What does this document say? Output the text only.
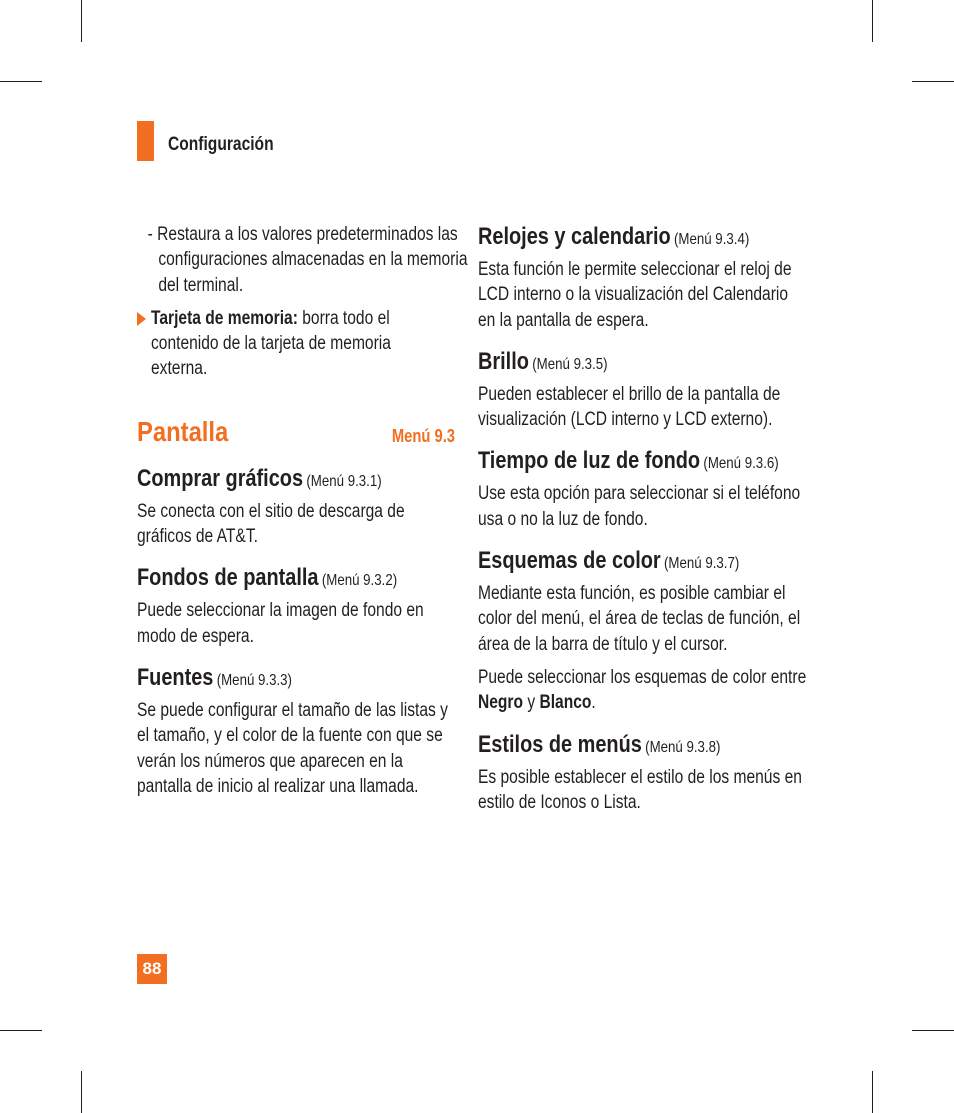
Configuración

- Restaura a los valores predeterminados las configuraciones almacenadas en la memoria del terminal.

Tarjeta de memoria: borra todo el contenido de la tarjeta de memoria externa.

Pantalla	Menú 9.3
Comprar gráficos (Menú 9.3.1)

Se conecta con el sitio de descarga de gráficos de AT&T.

Fondos de pantalla (Menú 9.3.2)

Puede seleccionar la imagen de fondo en modo de espera.

Fuentes (Menú 9.3.3)

Se puede configurar el tamaño de las listas y el tamaño, y el color de la fuente con que se verán los números que aparecen en la pantalla de inicio al realizar una llamada.

Relojes y calendario (Menú 9.3.4)

Esta función le permite seleccionar el reloj de LCD interno o la visualización del Calendario en la pantalla de espera.

Brillo (Menú 9.3.5)

Pueden establecer el brillo de la pantalla de visualización (LCD interno y LCD externo).

Tiempo de luz de fondo (Menú 9.3.6)

Use esta opción para seleccionar si el teléfono usa o no la luz de fondo.

Esquemas de color (Menú 9.3.7)

Mediante esta función, es posible cambiar el color del menú, el área de teclas de función, el área de la barra de título y el cursor.

Puede seleccionar los esquemas de color entre Negro y Blanco.

Estilos de menús (Menú 9.3.8)

Es posible establecer el estilo de los menús en estilo de Iconos o Lista.

88
